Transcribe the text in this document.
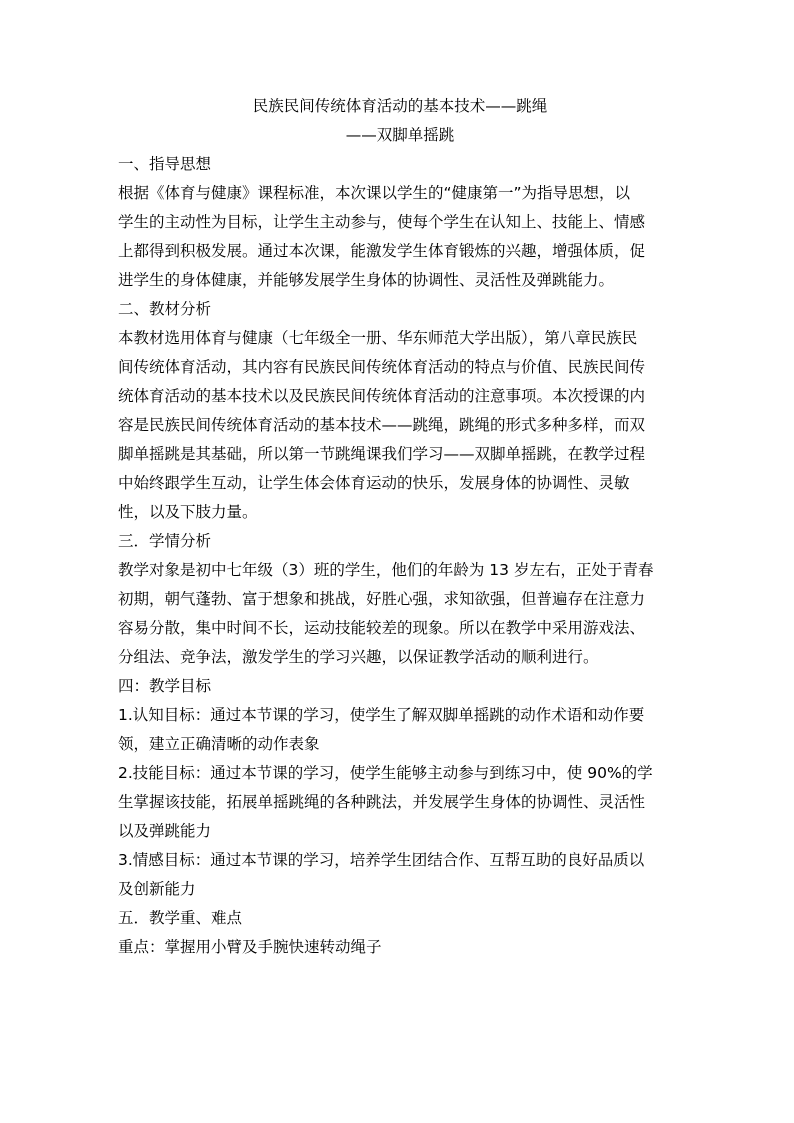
民族民间传统体育活动的基本技术——跳绳

——双脚单摇跳

一、指导思想

根据《体育与健康》课程标准，本次课以学生的“健康第一”为指导思想，以

学生的主动性为目标，让学生主动参与，使每个学生在认知上、技能上、情感

上都得到积极发展。通过本次课，能激发学生体育锻炼的兴趣，增强体质，促

进学生的身体健康，并能够发展学生身体的协调性、灵活性及弹跳能力。

二、教材分析

本教材选用体育与健康（七年级全一册、华东师范大学出版），第八章民族民

间传统体育活动，其内容有民族民间传统体育活动的特点与价值、民族民间传

统体育活动的基本技术以及民族民间传统体育活动的注意事项。本次授课的内

容是民族民间传统体育活动的基本技术——跳绳，跳绳的形式多种多样，而双

脚单摇跳是其基础，所以第一节跳绳课我们学习——双脚单摇跳，在教学过程

中始终跟学生互动，让学生体会体育运动的快乐，发展身体的协调性、灵敏

性，以及下肢力量。

三．学情分析

教学对象是初中七年级（3）班的学生，他们的年龄为 13 岁左右，正处于青春

初期，朝气蓬勃、富于想象和挑战，好胜心强，求知欲强，但普遍存在注意力

容易分散，集中时间不长，运动技能较差的现象。所以在教学中采用游戏法、

分组法、竞争法，激发学生的学习兴趣，以保证教学活动的顺利进行。

四：教学目标

1.认知目标：通过本节课的学习，使学生了解双脚单摇跳的动作术语和动作要

领，建立正确清晰的动作表象

2.技能目标：通过本节课的学习，使学生能够主动参与到练习中，使 90%的学

生掌握该技能，拓展单摇跳绳的各种跳法，并发展学生身体的协调性、灵活性

以及弹跳能力

3.情感目标：通过本节课的学习，培养学生团结合作、互帮互助的良好品质以

及创新能力

五．教学重、难点

重点：掌握用小臂及手腕快速转动绳子
